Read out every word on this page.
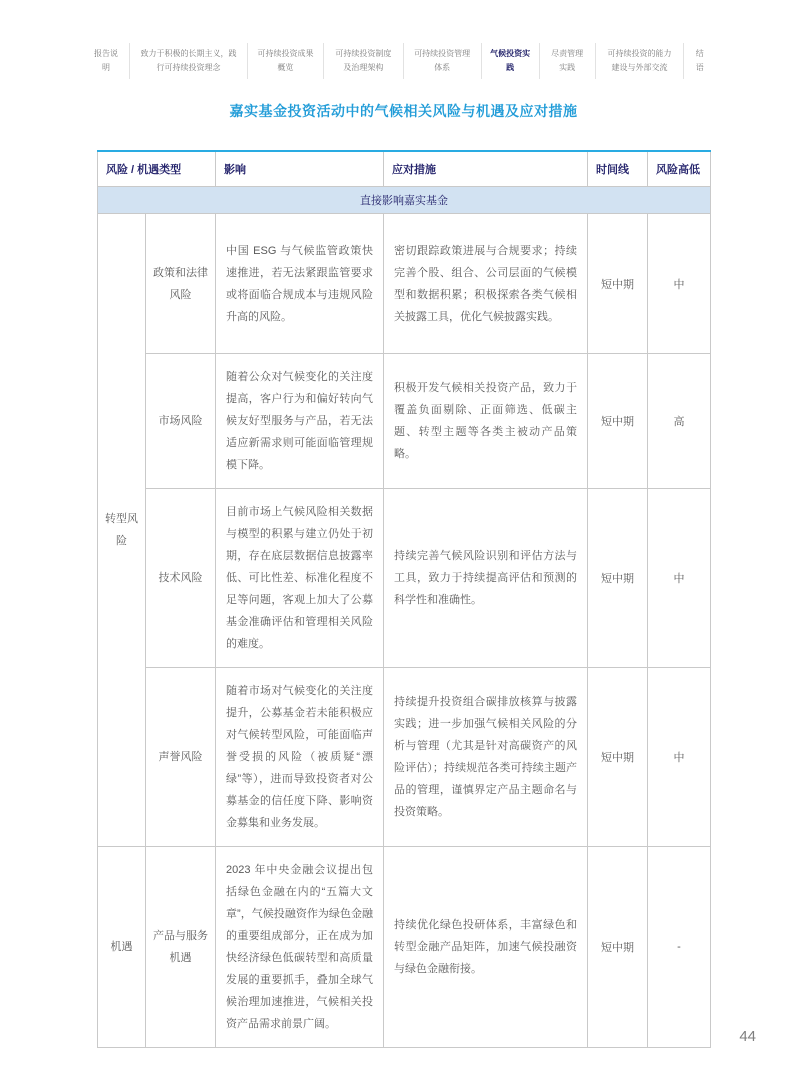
报告说明
致力于积极的长期主义，践行可持续投资理念
可持续投资成果概览
可持续投资制度及治理架构
可持续投资管理体系
气候投资实践
尽责管理实践
可持续投资的能力建设与外部交流
结语
嘉实基金投资活动中的气候相关风险与机遇及应对措施
风险 / 机遇类型		影响	应对措施	时间线	风险高低
直接影响嘉实基金					
转型风险	政策和法律风险	中国 ESG 与气候监管政策快速推进，若无法紧跟监管要求或将面临合规成本与违规风险升高的风险。	密切跟踪政策进展与合规要求；持续完善个股、组合、公司层面的气候模型和数据积累；积极探索各类气候相关披露工具，优化气候披露实践。	短中期	中
	市场风险	随着公众对气候变化的关注度提高，客户行为和偏好转向气候友好型服务与产品，若无法适应新需求则可能面临管理规模下降。	积极开发气候相关投资产品，致力于覆盖负面剔除、正面筛选、低碳主题、转型主题等各类主被动产品策略。	短中期	高
	技术风险	目前市场上气候风险相关数据与模型的积累与建立仍处于初期，存在底层数据信息披露率低、可比性差、标准化程度不足等问题，客观上加大了公募基金准确评估和管理相关风险的难度。	持续完善气候风险识别和评估方法与工具，致力于持续提高评估和预测的科学性和准确性。	短中期	中
	声誉风险	随着市场对气候变化的关注度提升，公募基金若未能积极应对气候转型风险，可能面临声誉受损的风险（被质疑“漂绿”等），进而导致投资者对公募基金的信任度下降、影响资金募集和业务发展。	持续提升投资组合碳排放核算与披露实践；进一步加强气候相关风险的分析与管理（尤其是针对高碳资产的风险评估）；持续规范各类可持续主题产品的管理，谨慎界定产品主题命名与投资策略。	短中期	中
机遇	产品与服务机遇	2023 年中央金融会议提出包括绿色金融在内的“五篇大文章”，气候投融资作为绿色金融的重要组成部分，正在成为加快经济绿色低碳转型和高质量发展的重要抓手，叠加全球气候治理加速推进，气候相关投资产品需求前景广阔。	持续优化绿色投研体系，丰富绿色和转型金融产品矩阵，加速气候投融资与绿色金融衔接。	短中期	-
44
